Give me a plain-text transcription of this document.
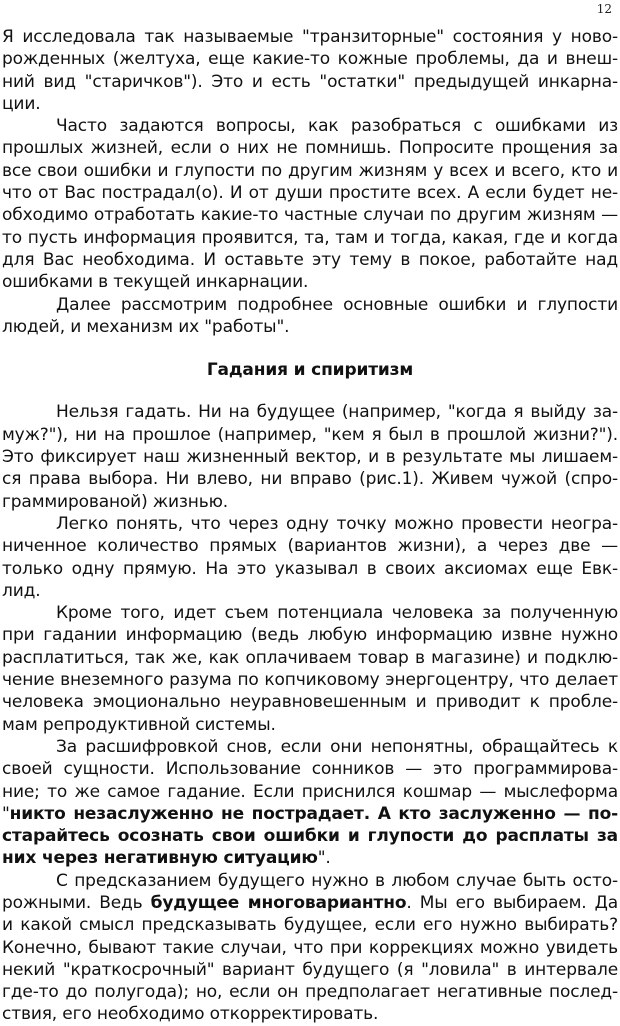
12
Я исследовала так называемые "транзиторные" состояния у ново-
рожденных (желтуха, еще какие-то кожные проблемы, да и внеш-
ний вид "старичков"). Это и есть "остатки" предыдущей инкарна-
ции.
Часто задаются вопросы, как разобраться с ошибками из
прошлых жизней, если о них не помнишь. Попросите прощения за
все свои ошибки и глупости по другим жизням у всех и всего, кто и
что от Вас пострадал(о). И от души простите всех. А если будет не-
обходимо отработать какие-то частные случаи по другим жизням —
то пусть информация проявится, та, там и тогда, какая, где и когда
для Вас необходима. И оставьте эту тему в покое, работайте над
ошибками в текущей инкарнации.
Далее рассмотрим подробнее основные ошибки и глупости
людей, и механизм их "работы".
Гадания и спиритизм
Нельзя гадать. Ни на будущее (например, "когда я выйду за-
муж?"), ни на прошлое (например, "кем я был в прошлой жизни?").
Это фиксирует наш жизненный вектор, и в результате мы лишаем-
ся права выбора. Ни влево, ни вправо (рис.1). Живем чужой (спро-
граммированой) жизнью.
Легко понять, что через одну точку можно провести неогра-
ниченное количество прямых (вариантов жизни), а через две —
только одну прямую. На это указывал в своих аксиомах еще Евк-
лид.
Кроме того, идет съем потенциала человека за полученную
при гадании информацию (ведь любую информацию извне нужно
расплатиться, так же, как оплачиваем товар в магазине) и подклю-
чение внеземного разума по копчиковому энергоцентру, что делает
человека эмоционально неуравновешенным и приводит к пробле-
мам репродуктивной системы.
За расшифровкой снов, если они непонятны, обращайтесь к
своей сущности. Использование сонников — это программирова-
ние; то же самое гадание. Если приснился кошмар — мыслеформа
"никто незаслуженно не пострадает. А кто заслуженно — по-
старайтесь осознать свои ошибки и глупости до расплаты за
них через негативную ситуацию".
С предсказанием будущего нужно в любом случае быть осто-
рожными. Ведь будущее многовариантно. Мы его выбираем. Да
и какой смысл предсказывать будущее, если его нужно выбирать?
Конечно, бывают такие случаи, что при коррекциях можно увидеть
некий "краткосрочный" вариант будущего (я "ловила" в интервале
где-то до полугода); но, если он предполагает негативные послед-
ствия, его необходимо откорректировать.
